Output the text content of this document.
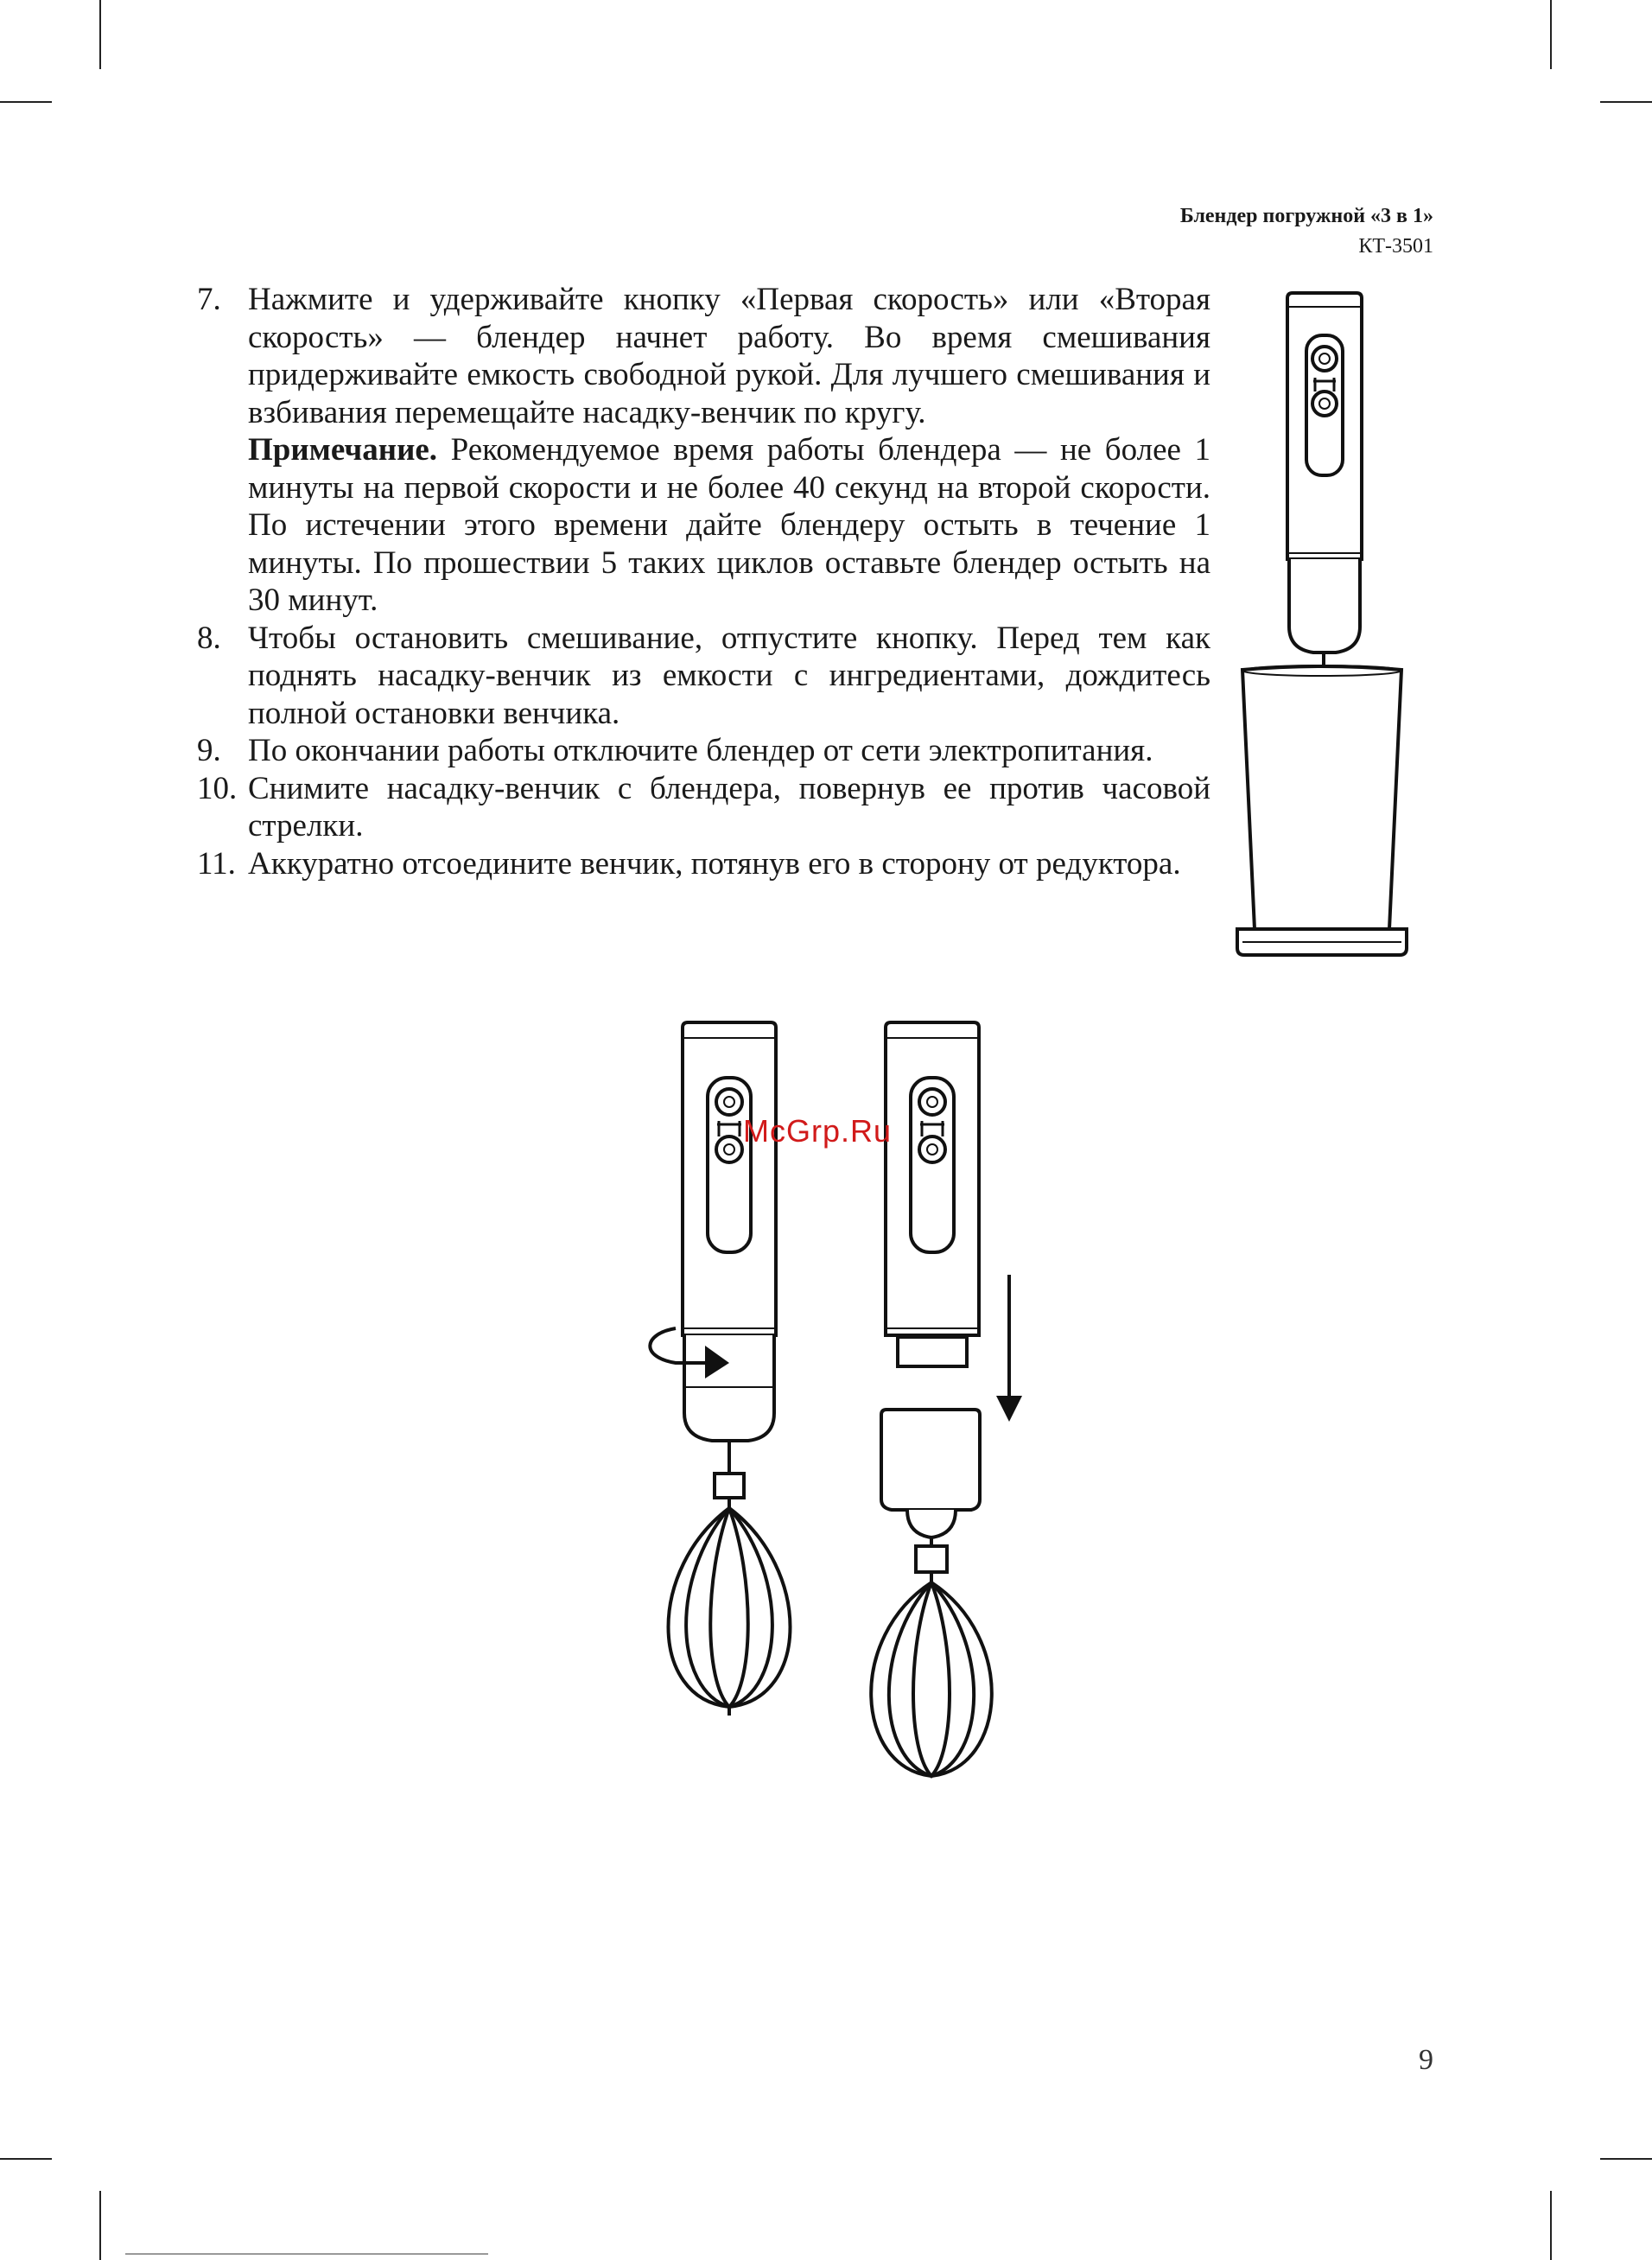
Блендер погружной «3 в 1»
КТ-3501
7. Нажмите и удерживайте кнопку «Первая скорость» или «Вторая скорость» — блендер начнет работу. Во время смешивания придерживайте емкость свободной рукой. Для лучшего смешивания и взбивания перемещайте насадку-венчик по кругу.

Примечание. Рекомендуемое время работы блендера — не более 1 минуты на первой скорости и не более 40 секунд на второй скорости. По истечении этого времени дайте блендеру остыть в течение 1 минуты. По прошествии 5 таких циклов оставьте блендер остыть на 30 минут.

8. Чтобы остановить смешивание, отпустите кнопку. Перед тем как поднять насадку-венчик из емкости с ингредиентами, дождитесь полной остановки венчика.

9. По окончании работы отключите блендер от сети электропитания.

10. Снимите насадку-венчик с блендера, повернув ее против часовой стрелки.

11. Аккуратно отсоедините венчик, потянув его в сторону от редуктора.

McGrp.Ru
9
